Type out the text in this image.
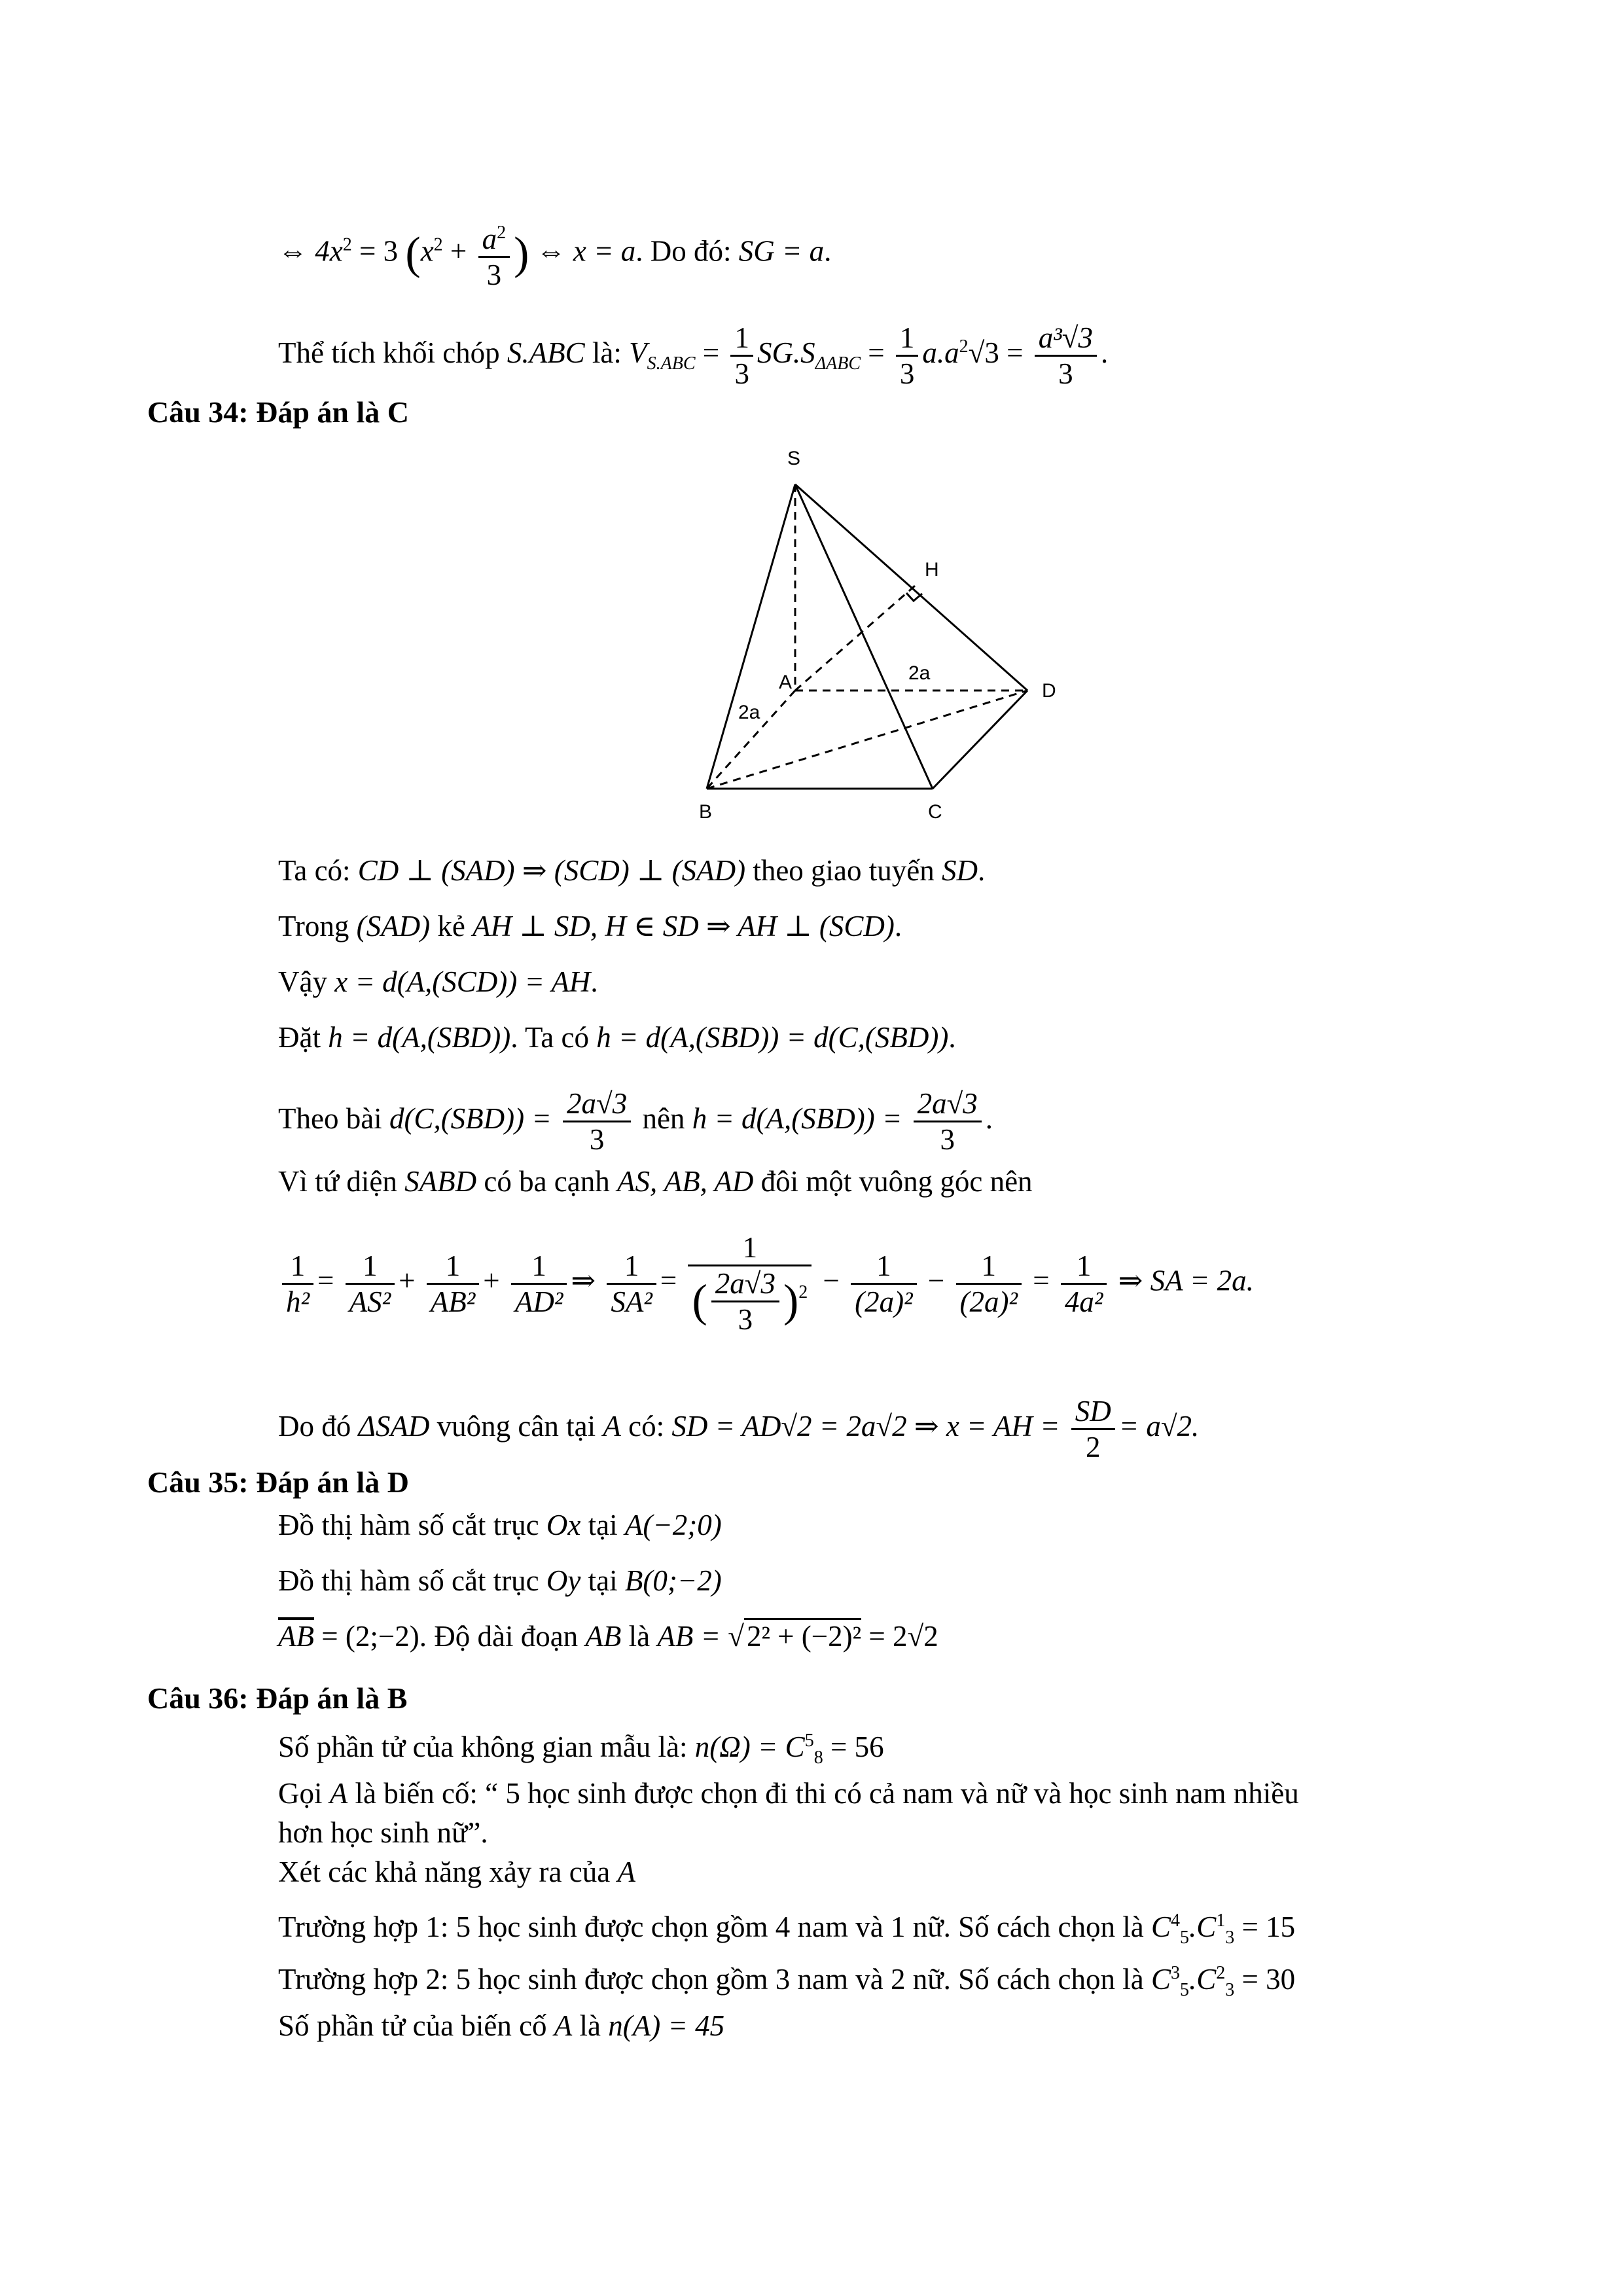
⇔ $4x^2 = 3$ ($x^2 + \frac{a^2}{3}$ ) ⇔ x = a. Do đó: SG = a.
Thể tích khối chóp S.ABC là: $V_{S.ABC} = \frac{1}{3} SG.S_{\Delta ABC} = \frac{1}{3} a.a^2√3 = \frac{\text{a³√3}}{3}$ .
Câu 34: Đáp án là C
S
H
A	D
B	C
2a
2a
Ta có: CD ⊥ (SAD) ⇒ (SCD) ⊥ (SAD) theo giao tuyến SD.
Trong (SAD) kẻ AH ⊥ SD, H ∈ SD ⇒ AH ⊥ (SCD).
Vậy x = d(A,(SCD)) = AH.
Đặt h = d(A,(SBD)). Ta có h = d(A,(SBD)) = d(C,(SBD)).
Theo bài $d(C,(SBD)) = \frac{2a√3}{3}$ nên $h = d(A,(SBD)) = \frac{2a√3}{3}$ .
Vì tứ diện SABD có ba cạnh AS, AB, AD đôi một vuông góc nên
$\frac{1}{\text{h²}} = \frac{1}{\text{AS²}} + \frac{1}{\text{AB²}} + \frac{1}{\text{AD²}}$ ⇒ $\frac{1}{\text{SA²}} = \frac{1}{( \frac{2a√3}{3} )^2} - \frac{1}{\text{(2a)²}} - \frac{1}{\text{(2a)²}} = \frac{1}{\text{4a²}}$ ⇒ SA = 2a.
Do đó ΔSAD vuông cân tại A có: SD = AD√2 = 2a√2 ⇒ x = AH = $\frac{SD}{2} = a√2$.
Câu 35: Đáp án là D
Đồ thị hàm số cắt trục Ox tại A(−2;0)
Đồ thị hàm số cắt trục Oy tại B(0;−2)
$\overline{AB}$ = (2;−2). Độ dài đoạn AB là AB = √2² + (−2)² = 2√2
Câu 36: Đáp án là B
Số phần tử của không gian mẫu là: $n(\Omega) = C^5_8 = 56$
Gọi A là biến cố: “ 5 học sinh được chọn đi thi có cả nam và nữ và học sinh nam nhiều
hơn học sinh nữ”.
Xét các khả năng xảy ra của A
Trường hợp 1: 5 học sinh được chọn gồm 4 nam và 1 nữ. Số cách chọn là $C^4_5.C^1_3 = 15$
Trường hợp 2: 5 học sinh được chọn gồm 3 nam và 2 nữ. Số cách chọn là $C^3_5.C^2_3 = 30$
Số phần tử của biến cố A là n(A) = 45
